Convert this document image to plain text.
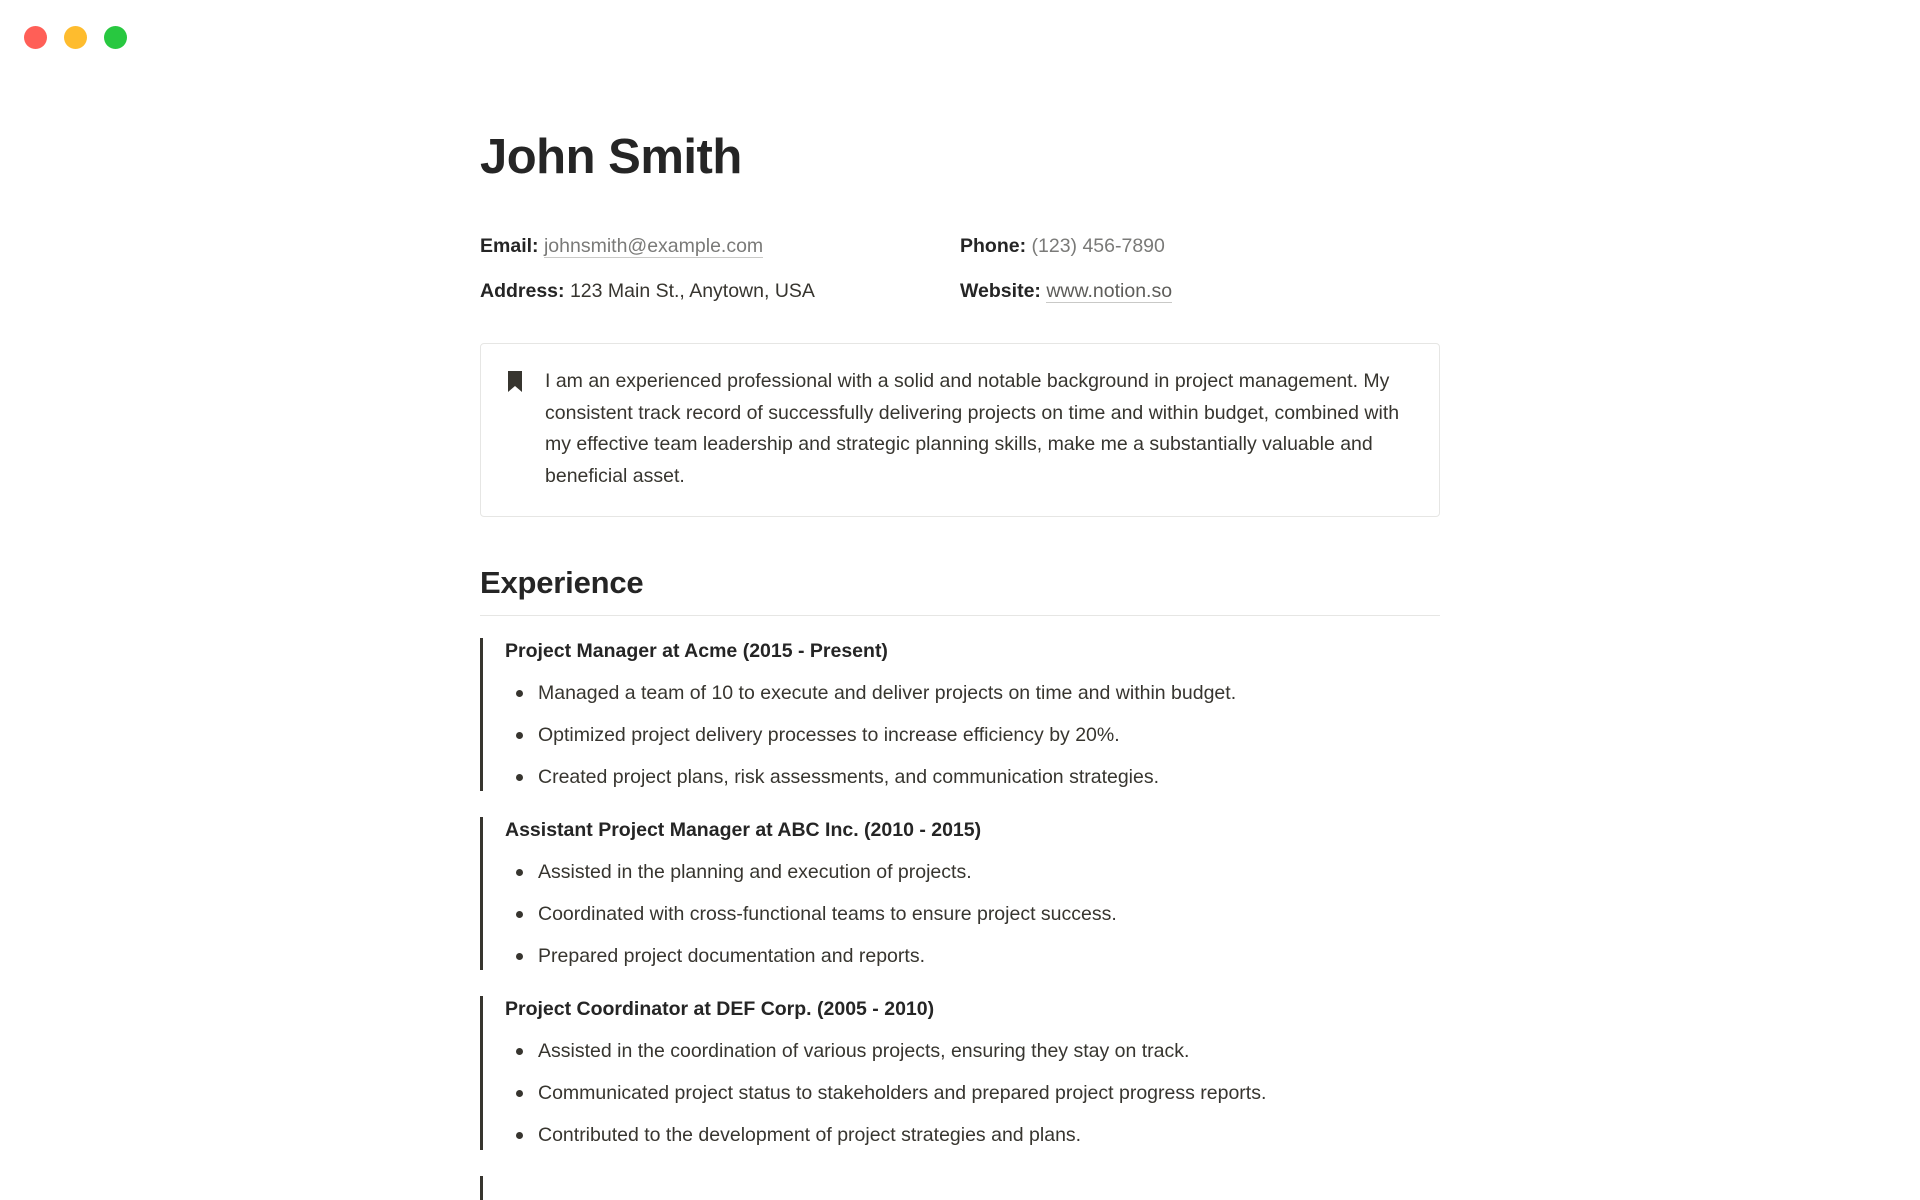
John Smith
Email: johnsmith@example.com	Phone: (123) 456-7890
Address: 123 Main St., Anytown, USA	Website: www.notion.so
I am an experienced professional with a solid and notable background in project management. My consistent track record of successfully delivering projects on time and within budget, combined with my effective team leadership and strategic planning skills, make me a substantially valuable and beneficial asset.
Experience
Project Manager at Acme (2015 - Present)
Managed a team of 10 to execute and deliver projects on time and within budget.
Optimized project delivery processes to increase efficiency by 20%.
Created project plans, risk assessments, and communication strategies.
Assistant Project Manager at ABC Inc. (2010 - 2015)
Assisted in the planning and execution of projects.
Coordinated with cross-functional teams to ensure project success.
Prepared project documentation and reports.
Project Coordinator at DEF Corp. (2005 - 2010)
Assisted in the coordination of various projects, ensuring they stay on track.
Communicated project status to stakeholders and prepared project progress reports.
Contributed to the development of project strategies and plans.
